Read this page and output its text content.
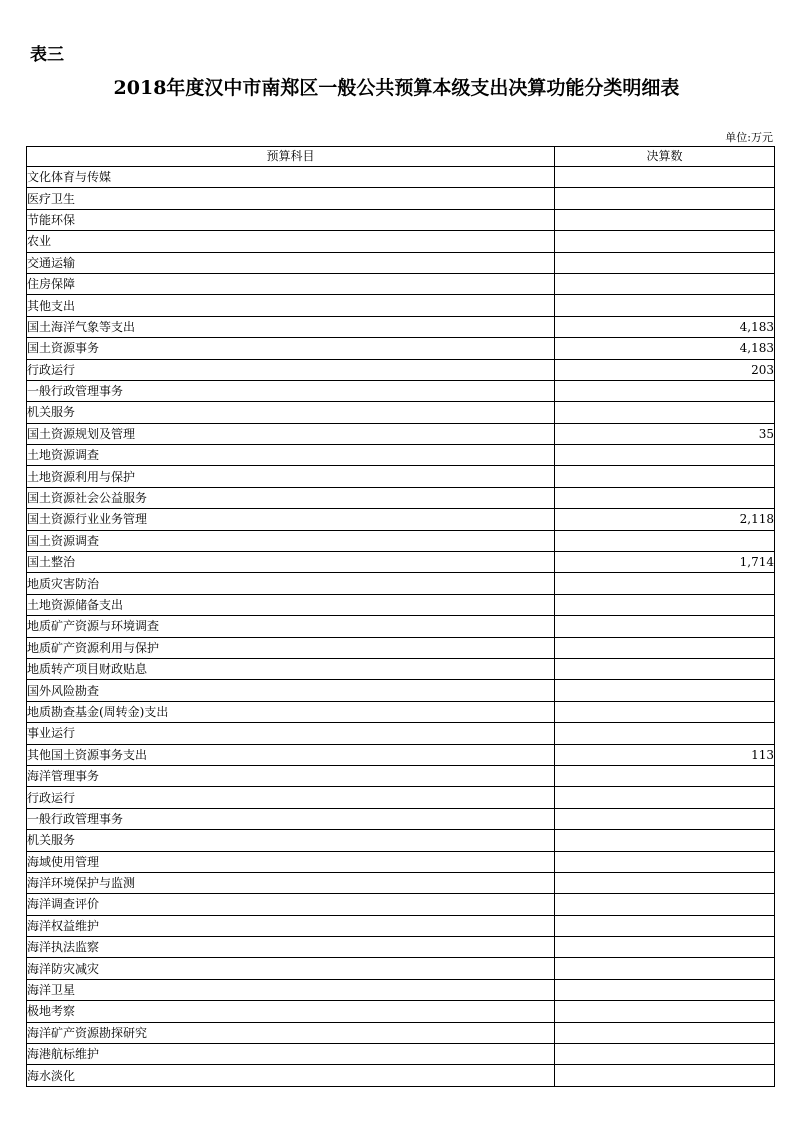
表三
2018年度汉中市南郑区一般公共预算本级支出决算功能分类明细表
单位:万元
预算科目	决算数
文化体育与传媒	
医疗卫生	
节能环保	
农业	
交通运输	
住房保障	
其他支出	
国土海洋气象等支出	4,183
国土资源事务	4,183
行政运行	203
一般行政管理事务	
机关服务	
国土资源规划及管理	35
土地资源调查	
土地资源利用与保护	
国土资源社会公益服务	
国土资源行业业务管理	2,118
国土资源调查	
国土整治	1,714
地质灾害防治	
土地资源储备支出	
地质矿产资源与环境调查	
地质矿产资源利用与保护	
地质转产项目财政贴息	
国外风险勘查	
地质勘查基金(周转金)支出	
事业运行	
其他国土资源事务支出	113
海洋管理事务	
行政运行	
一般行政管理事务	
机关服务	
海域使用管理	
海洋环境保护与监测	
海洋调查评价	
海洋权益维护	
海洋执法监察	
海洋防灾减灾	
海洋卫星	
极地考察	
海洋矿产资源勘探研究	
海港航标维护	
海水淡化	
